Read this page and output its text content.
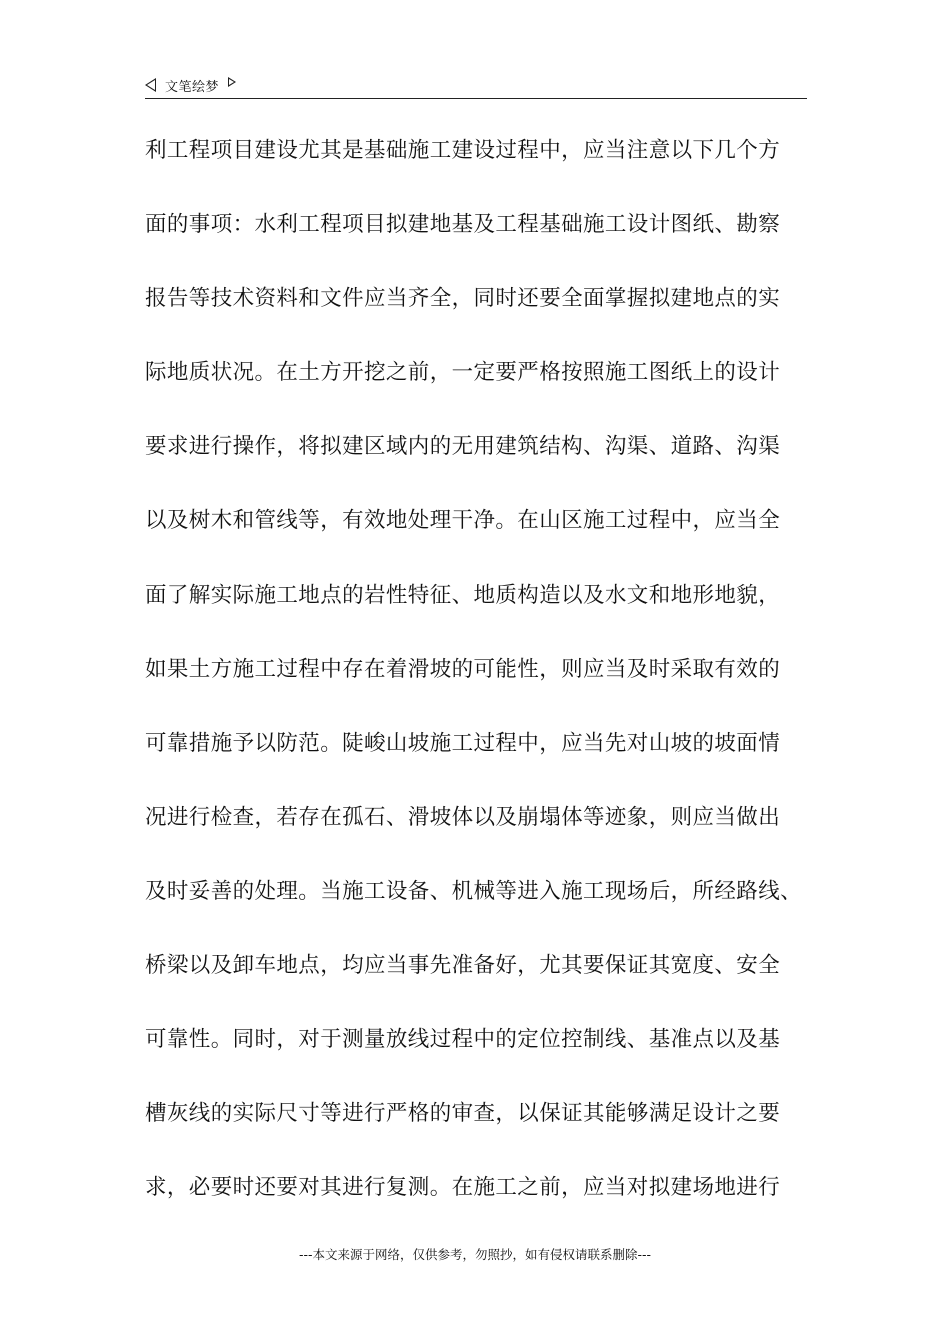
文笔绘梦
利工程项目建设尤其是基础施工建设过程中，应当注意以下几个方
面的事项：水利工程项目拟建地基及工程基础施工设计图纸、勘察
报告等技术资料和文件应当齐全，同时还要全面掌握拟建地点的实
际地质状况。在土方开挖之前，一定要严格按照施工图纸上的设计
要求进行操作，将拟建区域内的无用建筑结构、沟渠、道路、沟渠
以及树木和管线等，有效地处理干净。在山区施工过程中，应当全
面了解实际施工地点的岩性特征、地质构造以及水文和地形地貌，
如果土方施工过程中存在着滑坡的可能性，则应当及时采取有效的
可靠措施予以防范。陡峻山坡施工过程中，应当先对山坡的坡面情
况进行检查，若存在孤石、滑坡体以及崩塌体等迹象，则应当做出
及时妥善的处理。当施工设备、机械等进入施工现场后，所经路线、
桥梁以及卸车地点，均应当事先准备好，尤其要保证其宽度、安全
可靠性。同时，对于测量放线过程中的定位控制线、基准点以及基
槽灰线的实际尺寸等进行严格的审查，以保证其能够满足设计之要
求，必要时还要对其进行复测。在施工之前，应当对拟建场地进行
---本文来源于网络，仅供参考，勿照抄，如有侵权请联系删除---
